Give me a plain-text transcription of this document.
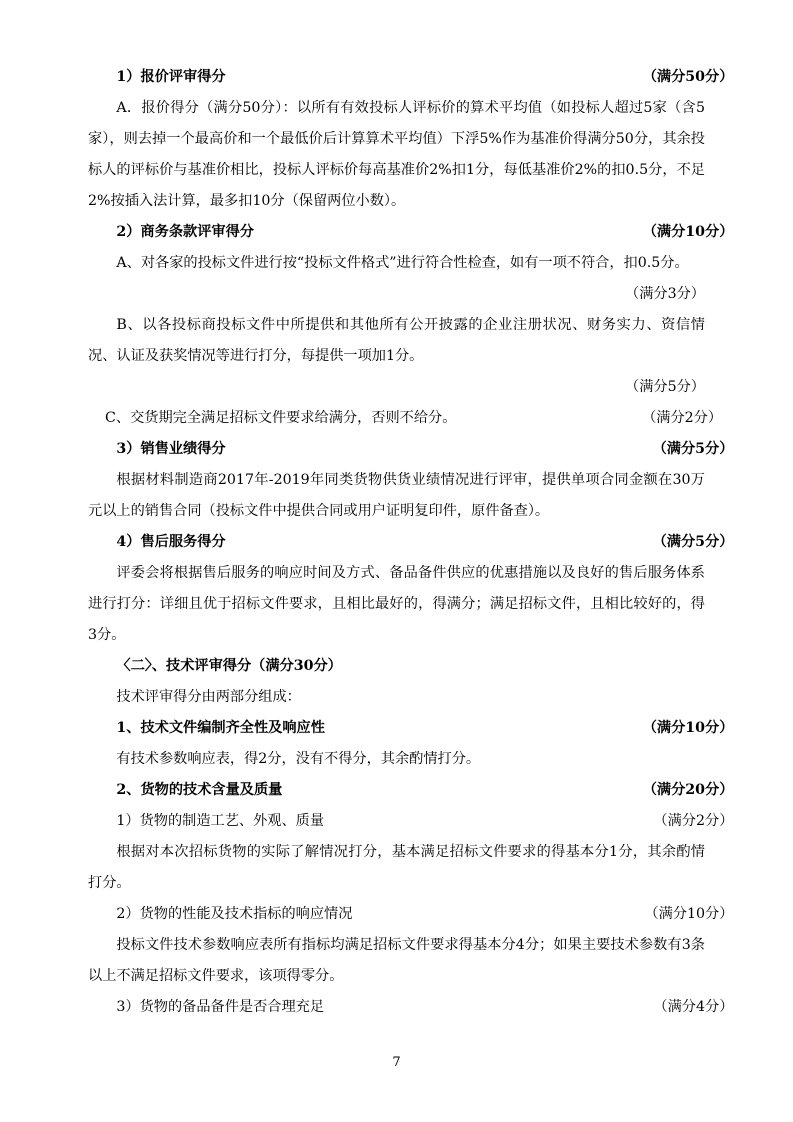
1）报价评审得分	（满分50分）

A．报价得分（满分50分）：以所有有效投标人评标价的算术平均值（如投标人超过5家（含5家），则去掉一个最高价和一个最低价后计算算术平均值）下浮5%作为基准价得满分50分，其余投标人的评标价与基准价相比，投标人评标价每高基准价2%扣1分，每低基准价2%的扣0.5分，不足2%按插入法计算，最多扣10分（保留两位小数）。

2）商务条款评审得分	（满分10分）

A、对各家的投标文件进行按“投标文件格式”进行符合性检查，如有一项不符合，扣0.5分。

（满分3分）

B、以各投标商投标文件中所提供和其他所有公开披露的企业注册状况、财务实力、资信情况、认证及获奖情况等进行打分，每提供一项加1分。

（满分5分）
C、交货期完全满足招标文件要求给满分，否则不给分。	（满分2分）
3）销售业绩得分	（满分5分）

根据材料制造商2017年-2019年同类货物供货业绩情况进行评审，提供单项合同金额在30万元以上的销售合同（投标文件中提供合同或用户证明复印件，原件备查）。

4）售后服务得分	（满分5分）

评委会将根据售后服务的响应时间及方式、备品备件供应的优惠措施以及良好的售后服务体系进行打分：详细且优于招标文件要求，且相比最好的，得满分；满足招标文件，且相比较好的，得3分。

〈二〉、技术评审得分（满分30分）

技术评审得分由两部分组成：

1、技术文件编制齐全性及响应性	（满分10分）

有技术参数响应表，得2分，没有不得分，其余酌情打分。

2、货物的技术含量及质量	（满分20分）
1）货物的制造工艺、外观、质量	（满分2分）

根据对本次招标货物的实际了解情况打分，基本满足招标文件要求的得基本分1分，其余酌情打分。

2）货物的性能及技术指标的响应情况	（满分10分）

投标文件技术参数响应表所有指标均满足招标文件要求得基本分4分；如果主要技术参数有3条以上不满足招标文件要求，该项得零分。

3）货物的备品备件是否合理充足	（满分4分）
7
